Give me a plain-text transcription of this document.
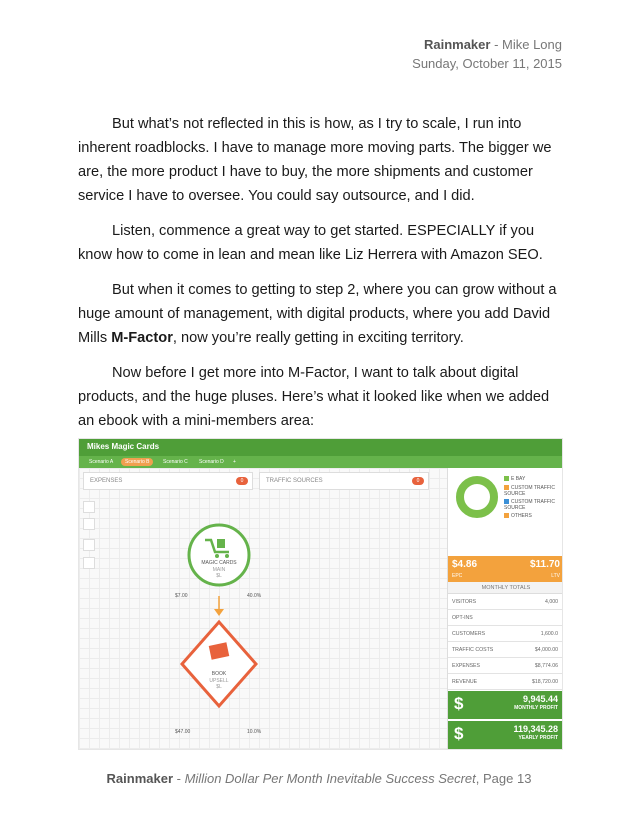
Rainmaker - Mike Long
Sunday, October 11, 2015

But what’s not reflected in this is how, as I try to scale, I run into inherent roadblocks. I have to manage more moving parts. The bigger we are, the more product I have to buy, the more shipments and customer service I have to oversee. You could say outsource, and I did.

Listen, commence a great way to get started. ESPECIALLY if you know how to come in lean and mean like Liz Herrera with Amazon SEO.

But when it comes to getting to step 2, where you can grow without a huge amount of management, with digital products, where you add David Mills M-Factor, now you’re really getting in exciting territory.

Now before I get more into M-Factor, I want to talk about digital products, and the huge pluses. Here’s what it looked like when we added an ebook with a mini-members area:

Mikes Magic Cards
Scenario A	Scenario B	Scenario C	Scenario D	+
EXPENSES	0	TRAFFIC SOURCES	0
MAGIC CARDS
MAIN
$L
$7.00	40.0%
BOOK
UPSELL
$L
$47.00	10.0%
E BAY
CUSTOM TRAFFIC SOURCE
CUSTOM TRAFFIC SOURCE
OTHERS
$4.86
EPC
$11.70
LTV
MONTHLY TOTALS
VISITORS	4,000
OPT-INS
CUSTOMERS	1,600.0
TRAFFIC COSTS	$4,000.00
EXPENSES	$8,774.06
REVENUE	$18,720.00
$	9,945.44
MONTHLY PROFIT
$	119,345.28
YEARLY PROFIT
Rainmaker - Million Dollar Per Month Inevitable Success Secret, Page 13
